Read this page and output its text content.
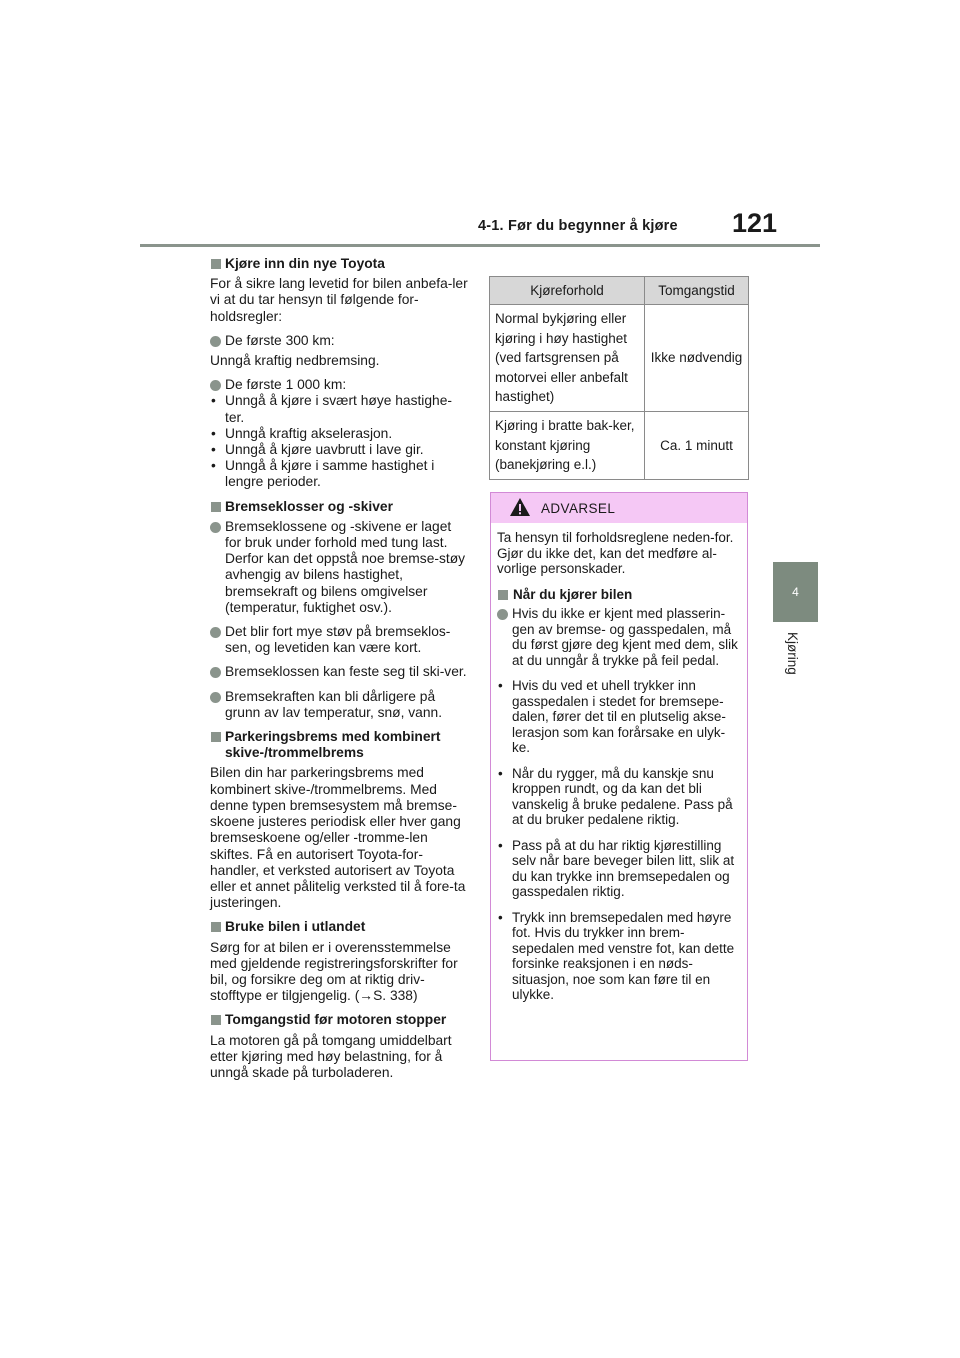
4-1. Før du begynner å kjøre 121
4
Kjøring
Kjøre inn din nye Toyota

For å sikre lang levetid for bilen anbefa-ler vi at du tar hensyn til følgende for-holdsregler:

De første 300 km:

Unngå kraftig nedbremsing.

De første 1 000 km:
• Unngå å kjøre i svært høye hastighe-ter.
• Unngå kraftig akselerasjon.
• Unngå å kjøre uavbrutt i lave gir.
• Unngå å kjøre i samme hastighet i lengre perioder.
Bremseklosser og -skiver
Bremseklossene og -skivene er laget for bruk under forhold med tung last. Derfor kan det oppstå noe bremse-støy avhengig av bilens hastighet, bremsekraft og bilens omgivelser (temperatur, fuktighet osv.).
Det blir fort mye støv på bremseklos-sen, og levetiden kan være kort.
Bremseklossen kan feste seg til ski-ver.
Bremsekraften kan bli dårligere på grunn av lav temperatur, snø, vann.
Parkeringsbrems med kombinert skive-/trommelbrems

Bilen din har parkeringsbrems med kombinert skive-/trommelbrems. Med denne typen bremsesystem må bremse-skoene justeres periodisk eller hver gang bremseskoene og/eller -tromme-len skiftes. Få en autorisert Toyota-for-handler, et verksted autorisert av Toyota eller et annet pålitelig verksted til å fore-ta justeringen.

Bruke bilen i utlandet

Sørg for at bilen er i overensstemmelse med gjeldende registreringsforskrifter for bil, og forsikre deg om at riktig driv-stofftype er tilgjengelig. (→S. 338)

Tomgangstid før motoren stopper

La motoren gå på tomgang umiddelbart etter kjøring med høy belastning, for å unngå skade på turboladeren.

Kjøreforhold	Tomgangstid
Normal bykjøring eller kjøring i høy hastighet (ved fartsgrensen på motorvei eller anbefalt hastighet)	Ikke nødvendig
Kjøring i bratte bak-ker, konstant kjøring (banekjøring e.l.)	Ca. 1 minutt
ADVARSEL

Ta hensyn til forholdsreglene neden-for. Gjør du ikke det, kan det medføre al-vorlige personskader.

Når du kjører bilen
Hvis du ikke er kjent med plasserin-gen av bremse- og gasspedalen, må du først gjøre deg kjent med dem, slik at du unngår å trykke på feil pedal.
• Hvis du ved et uhell trykker inn gasspedalen i stedet for bremsepe-dalen, fører det til en plutselig akse-lerasjon som kan forårsake en ulyk-ke.
• Når du rygger, må du kanskje snu kroppen rundt, og da kan det bli vanskelig å bruke pedalene. Pass på at du bruker pedalene riktig.
• Pass på at du har riktig kjørestilling selv når bare beveger bilen litt, slik at du kan trykke inn bremsepedalen og gasspedalen riktig.
• Trykk inn bremsepedalen med høyre fot. Hvis du trykker inn brem-sepedalen med venstre fot, kan dette forsinke reaksjonen i en nøds-situasjon, noe som kan føre til en ulykke.
